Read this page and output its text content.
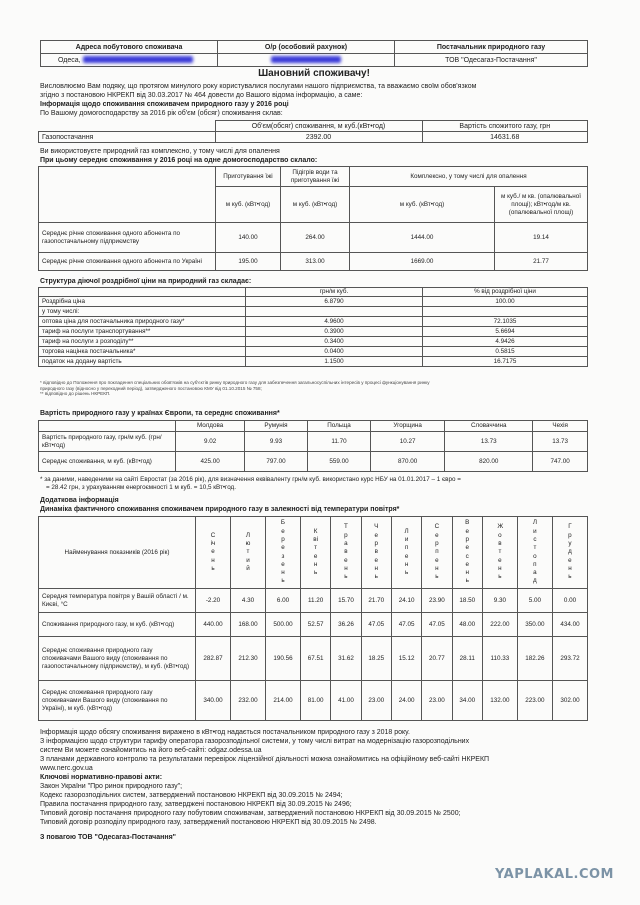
Адреса побутового споживача	О/р (особовий рахунок)	Постачальник природного газу
Одеса,		ТОВ "Одесагаз-Постачання"
Шановний споживачу!
Висловлюємо Вам подяку, що протягом минулого року користувалися послугами нашого підприємства, та вважаємо своїм обов'язком
згідно з постановою НКРЕКП від 30.03.2017 № 464 довести до Вашого відома інформацію, а саме:
Інформація щодо споживання споживачем природного газу у 2016 році
По Вашому домогосподарству за 2016 рік об'єм (обсяг) споживання склав:
	Об'єм(обсяг) споживання, м куб.(кВт•год)	Вартість спожитого газу, грн
Газопостачання	2392.00	14631.68
Ви використовуєте природний газ комплексно, у тому числі для опалення
При цьому середнє споживання у 2016 році на одне домогосподарство склало:
	Приготування їжі	Підігрів води та приготування їжі	Комплексно, у тому числі для опалення	
	м куб. (кВт•год)	м куб. (кВт•год)	м куб. (кВт•год)	м куб./ м кв. (опалювальної площі); кВт•год/м кв. (опалювальної площі)
Середнє річне споживання одного абонента по газопостачальному підприємству	140.00	264.00	1444.00	19.14
Середнє річне споживання одного абонента по Україні	195.00	313.00	1669.00	21.77
Структура діючої роздрібної ціни на природний газ складає:
	грн/м куб.	% від роздрібної ціни
Роздрібна ціна	6.8790	100.00
у тому числі:		
оптова ціна для постачальника природного газу*	4.9600	72.1035
тариф на послуги транспортування**	0.3900	5.6694
тариф на послуги з розподілу**	0.3400	4.9426
торгова націнка постачальника*	0.0400	0.5815
податок на додану вартість	1.1500	16.7175
* відповідно до Положення про покладення спеціальних обов'язків на суб'єктів ринку природного газу для забезпечення загальносуспільних інтересів у процесі функціонування ринку
природного газу (відносно у переходний період), затвердженого постановою КМУ від 01.10.2015 № 758;
** відповідно до рішень НКРЕКП.
Вартість природного газу у країнах Європи, та середнє споживання*
	Молдова	Румунія	Польща	Угорщина	Словаччина	Чехія
Вартість природного газу, грн/м куб. (грн/ кВт•год)	9.02	9.93	11.70	10.27	13.73	13.73
Середнє споживання, м куб. (кВт•год)	425.00	797.00	559.00	870.00	820.00	747.00
* за даними, наведеними на сайті Евростат (за 2016 рік), для визначення еквіваленту грн/м куб. використано курс НБУ на 01.01.2017 – 1 євро =
= 28.42 грн, з урахуванням енергоємності 1 м куб. = 10,5 кВт•год.
Додаткова інформація
Динаміка фактичного споживання споживачем природного газу в залежності від температури повітря*
Найменування показників (2016 рік)	Січень	Лютий	Березень	Квітень	Травень	Червень	Липень	Серпень	Вересень	Жовтень	Листопад	Грудень
Середня температура повітря у Вашій області / м. Києві, °С	-2.20	4.30	6.00	11.20	15.70	21.70	24.10	23.90	18.50	9.30	5.00	0.00
Споживання природного газу, м куб. (кВт•год)	440.00	168.00	500.00	52.57	36.26	47.05	47.05	47.05	48.00	222.00	350.00	434.00
Середнє споживання природного газу споживачами Вашого виду (споживання по газопостачальному підприємству), м куб. (кВт•год)	282.87	212.30	190.56	67.51	31.62	18.25	15.12	20.77	28.11	110.33	182.26	293.72
Середнє споживання природного газу споживачами Вашого виду (споживання по Україні), м куб. (кВт•год)	340.00	232.00	214.00	81.00	41.00	23.00	24.00	23.00	34.00	132.00	223.00	302.00
Інформація щодо обсягу споживання виражено в кВт•год надається постачальником природного газу з 2018 року.
З інформацією щодо структури тарифу оператора газорозподільної системи, у тому числі витрат на модернізацію газорозподільних
систем Ви можете ознайомитись на його веб-сайті: odgaz.odessa.ua
З планами державного контролю та результатами перевірок ліцензійної діяльності можна ознайомитись на офіційному веб-сайті НКРЕКП
www.nerc.gov.ua
Ключові нормативно-правові акти:
Закон України "Про ринок природного газу";
Кодекс газорозподільних систем, затверджений постановою НКРЕКП від 30.09.2015 № 2494;
Правила постачання природного газу, затверджені постановою НКРЕКП від 30.09.2015 № 2496;
Типовий договір постачання природного газу побутовим споживачам, затверджений постановою НКРЕКП від 30.09.2015 № 2500;
Типовий договір розподілу природного газу, затверджений постановою НКРЕКП від 30.09.2015 № 2498.
З повагою ТОВ "Одесагаз-Постачання"
YAPLAKAL.COM
